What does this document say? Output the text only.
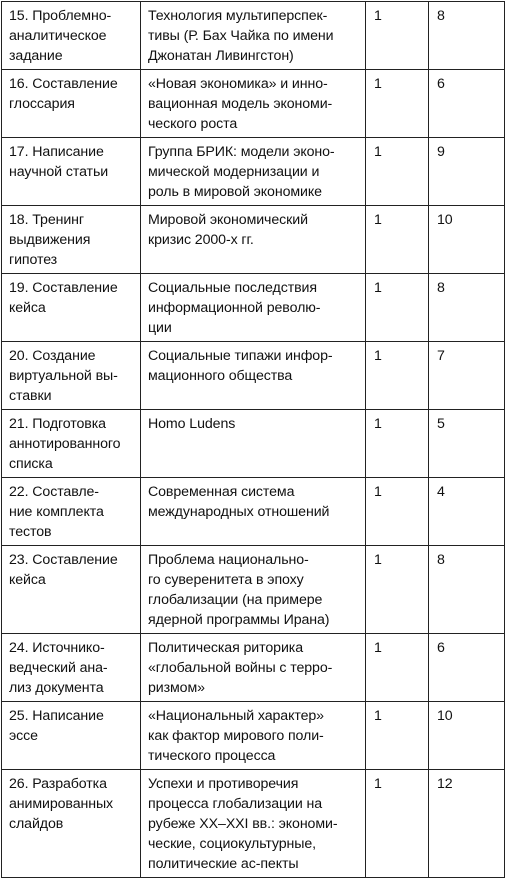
15. Проблемно-
аналитическое
задание	Технология мультиперспек-
тивы (Р. Бах Чайка по имени
Джонатан Ливингстон)	1	8
16. Составление
глоссария	«Новая экономика» и инно-
вационная модель экономи-
ческого роста	1	6
17. Написание
научной статьи	Группа БРИК: модели эконо-
мической модернизации и
роль в мировой экономике	1	9
18. Тренинг
выдвижения
гипотез	Мировой экономический
кризис 2000-х гг.	1	10
19. Составление
кейса	Социальные последствия
информационной револю-
ции	1	8
20. Создание
виртуальной вы-
ставки	Социальные типажи инфор-
мационного общества	1	7
21. Подготовка
аннотированного
списка	Homo Ludens	1	5
22. Составле-
ние комплекта
тестов	Современная система
международных отношений	1	4
23. Составление
кейса	Проблема национально-
го суверенитета в эпоху
глобализации (на примере
ядерной программы Ирана)	1	8
24. Источнико-
ведческий ана-
лиз документа	Политическая риторика
«глобальной войны с терро-
ризмом»	1	6
25. Написание
эссе	«Национальный характер»
как фактор мирового поли-
тического процесса	1	10
26. Разработка
анимированных
слайдов	Успехи и противоречия
процесса глобализации на
рубеже XX–XXI вв.: экономи-
ческие, социокультурные,
политические ас-пекты	1	12
